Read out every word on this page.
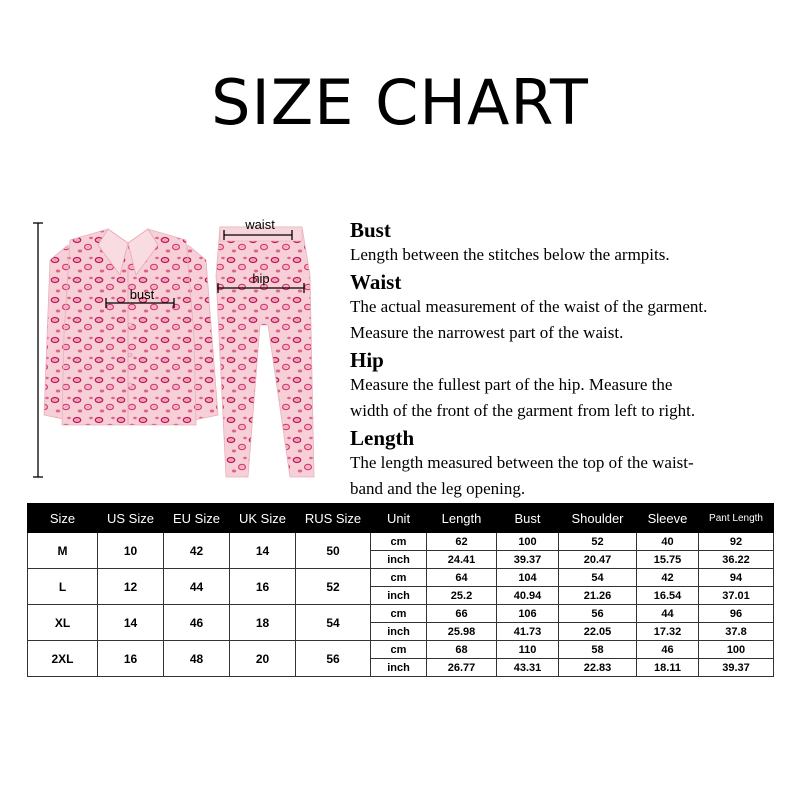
SIZE CHART
bust
waist
hip

Bust

Length between the stitches below the armpits.

Waist

The actual measurement of the waist of the garment.
Measure the narrowest part of the waist.

Hip

Measure the fullest part of the hip. Measure the
width of the front of the garment from left to right.

Length

The length measured between the top of the waist-
band and the leg opening.

Size	US Size	EU Size	UK Size	RUS Size	Unit	Length	Bust	Shoulder	Sleeve	Pant Length
M	10	42	14	50	cm	62	100	52	40	92
					inch	24.41	39.37	20.47	15.75	36.22
L	12	44	16	52	cm	64	104	54	42	94
					inch	25.2	40.94	21.26	16.54	37.01
XL	14	46	18	54	cm	66	106	56	44	96
					inch	25.98	41.73	22.05	17.32	37.8
2XL	16	48	20	56	cm	68	110	58	46	100
					inch	26.77	43.31	22.83	18.11	39.37
